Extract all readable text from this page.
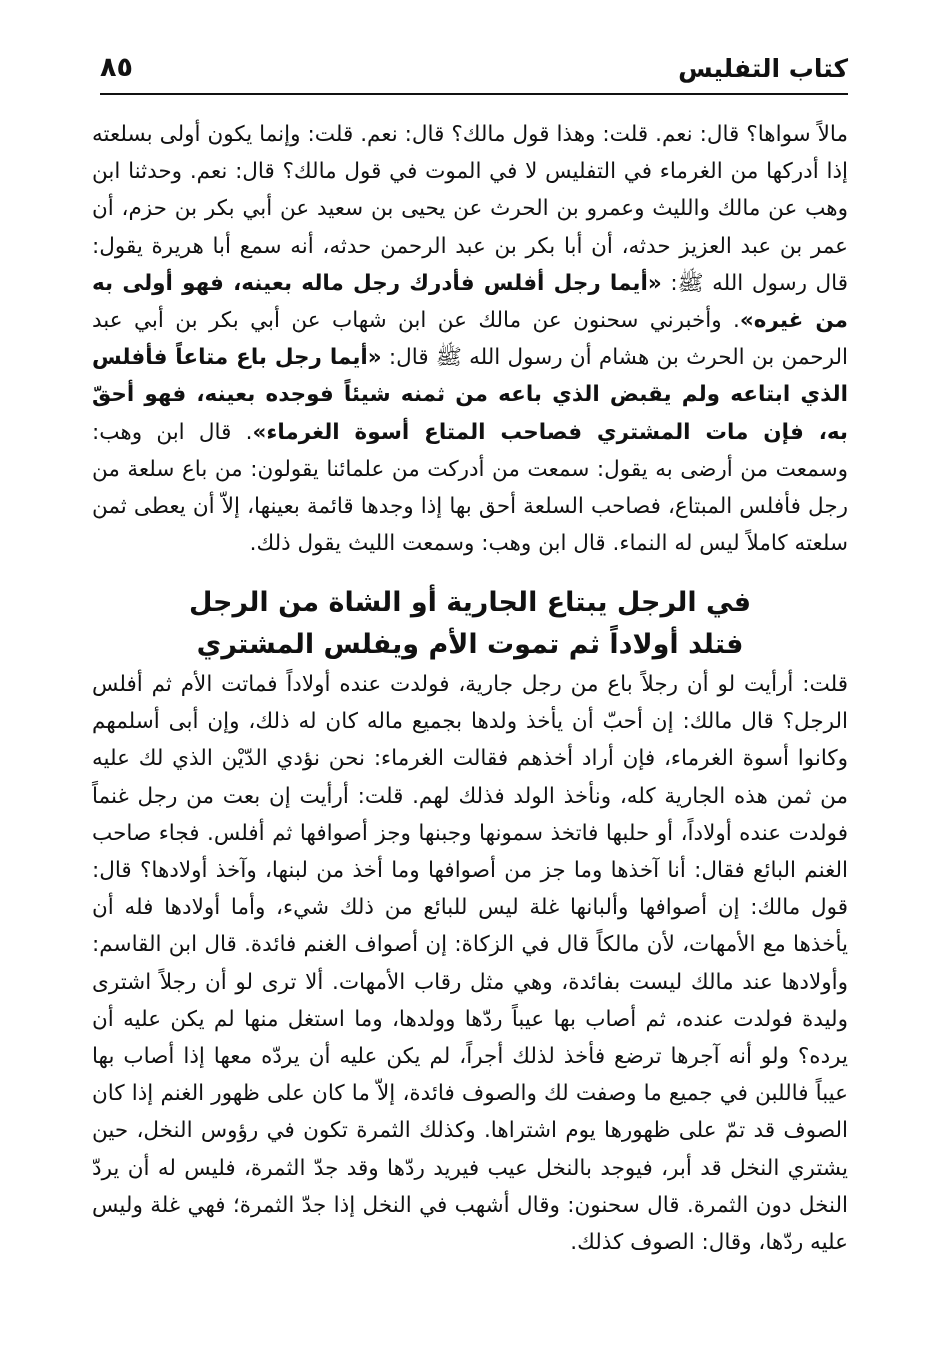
كتاب التفليس
٨٥

مالاً سواها؟ قال: نعم. قلت: وهذا قول مالك؟ قال: نعم. قلت: وإنما يكون أولى بسلعته إذا أدركها من الغرماء في التفليس لا في الموت في قول مالك؟ قال: نعم. وحدثنا ابن وهب عن مالك والليث وعمرو بن الحرث عن يحيى بن سعيد عن أبي بكر بن حزم، أن عمر بن عبد العزيز حدثه، أن أبا بكر بن عبد الرحمن حدثه، أنه سمع أبا هريرة يقول: قال رسول الله ﷺ: «أيما رجل أفلس فأدرك رجل ماله بعينه، فهو أولى به من غيره». وأخبرني سحنون عن مالك عن ابن شهاب عن أبي بكر بن أبي عبد الرحمن بن الحرث بن هشام أن رسول الله ﷺ قال: «أيما رجل باع متاعاً فأفلس الذي ابتاعه ولم يقبض الذي باعه من ثمنه شيئاً فوجده بعينه، فهو أحقّ به، فإن مات المشتري فصاحب المتاع أسوة الغرماء». قال ابن وهب: وسمعت من أرضى به يقول: سمعت من أدركت من علمائنا يقولون: من باع سلعة من رجل فأفلس المبتاع، فصاحب السلعة أحق بها إذا وجدها قائمة بعينها، إلاّ أن يعطى ثمن سلعته كاملاً ليس له النماء. قال ابن وهب: وسمعت الليث يقول ذلك.

في الرجل يبتاع الجارية أو الشاة من الرجل
فتلد أولاداً ثم تموت الأم ويفلس المشتري

قلت: أرأيت لو أن رجلاً باع من رجل جارية، فولدت عنده أولاداً فماتت الأم ثم أفلس الرجل؟ قال مالك: إن أحبّ أن يأخذ ولدها بجميع ماله كان له ذلك، وإن أبى أسلمهم وكانوا أسوة الغرماء، فإن أراد أخذهم فقالت الغرماء: نحن نؤدي الدّيْن الذي لك عليه من ثمن هذه الجارية كله، ونأخذ الولد فذلك لهم. قلت: أرأيت إن بعت من رجل غنماً فولدت عنده أولاداً، أو حلبها فاتخذ سمونها وجبنها وجز أصوافها ثم أفلس. فجاء صاحب الغنم البائع فقال: أنا آخذها وما جز من أصوافها وما أخذ من لبنها، وآخذ أولادها؟ قال: قول مالك: إن أصوافها وألبانها غلة ليس للبائع من ذلك شيء، وأما أولادها فله أن يأخذها مع الأمهات، لأن مالكاً قال في الزكاة: إن أصواف الغنم فائدة. قال ابن القاسم: وأولادها عند مالك ليست بفائدة، وهي مثل رقاب الأمهات. ألا ترى لو أن رجلاً اشترى وليدة فولدت عنده، ثم أصاب بها عيباً ردّها وولدها، وما استغل منها لم يكن عليه أن يرده؟ ولو أنه آجرها ترضع فأخذ لذلك أجراً، لم يكن عليه أن يردّه معها إذا أصاب بها عيباً فاللبن في جميع ما وصفت لك والصوف فائدة، إلاّ ما كان على ظهور الغنم إذا كان الصوف قد تمّ على ظهورها يوم اشتراها. وكذلك الثمرة تكون في رؤوس النخل، حين يشتري النخل قد أبر، فيوجد بالنخل عيب فيريد ردّها وقد جدّ الثمرة، فليس له أن يردّ النخل دون الثمرة. قال سحنون: وقال أشهب في النخل إذا جدّ الثمرة؛ فهي غلة وليس عليه ردّها، وقال: الصوف كذلك.
